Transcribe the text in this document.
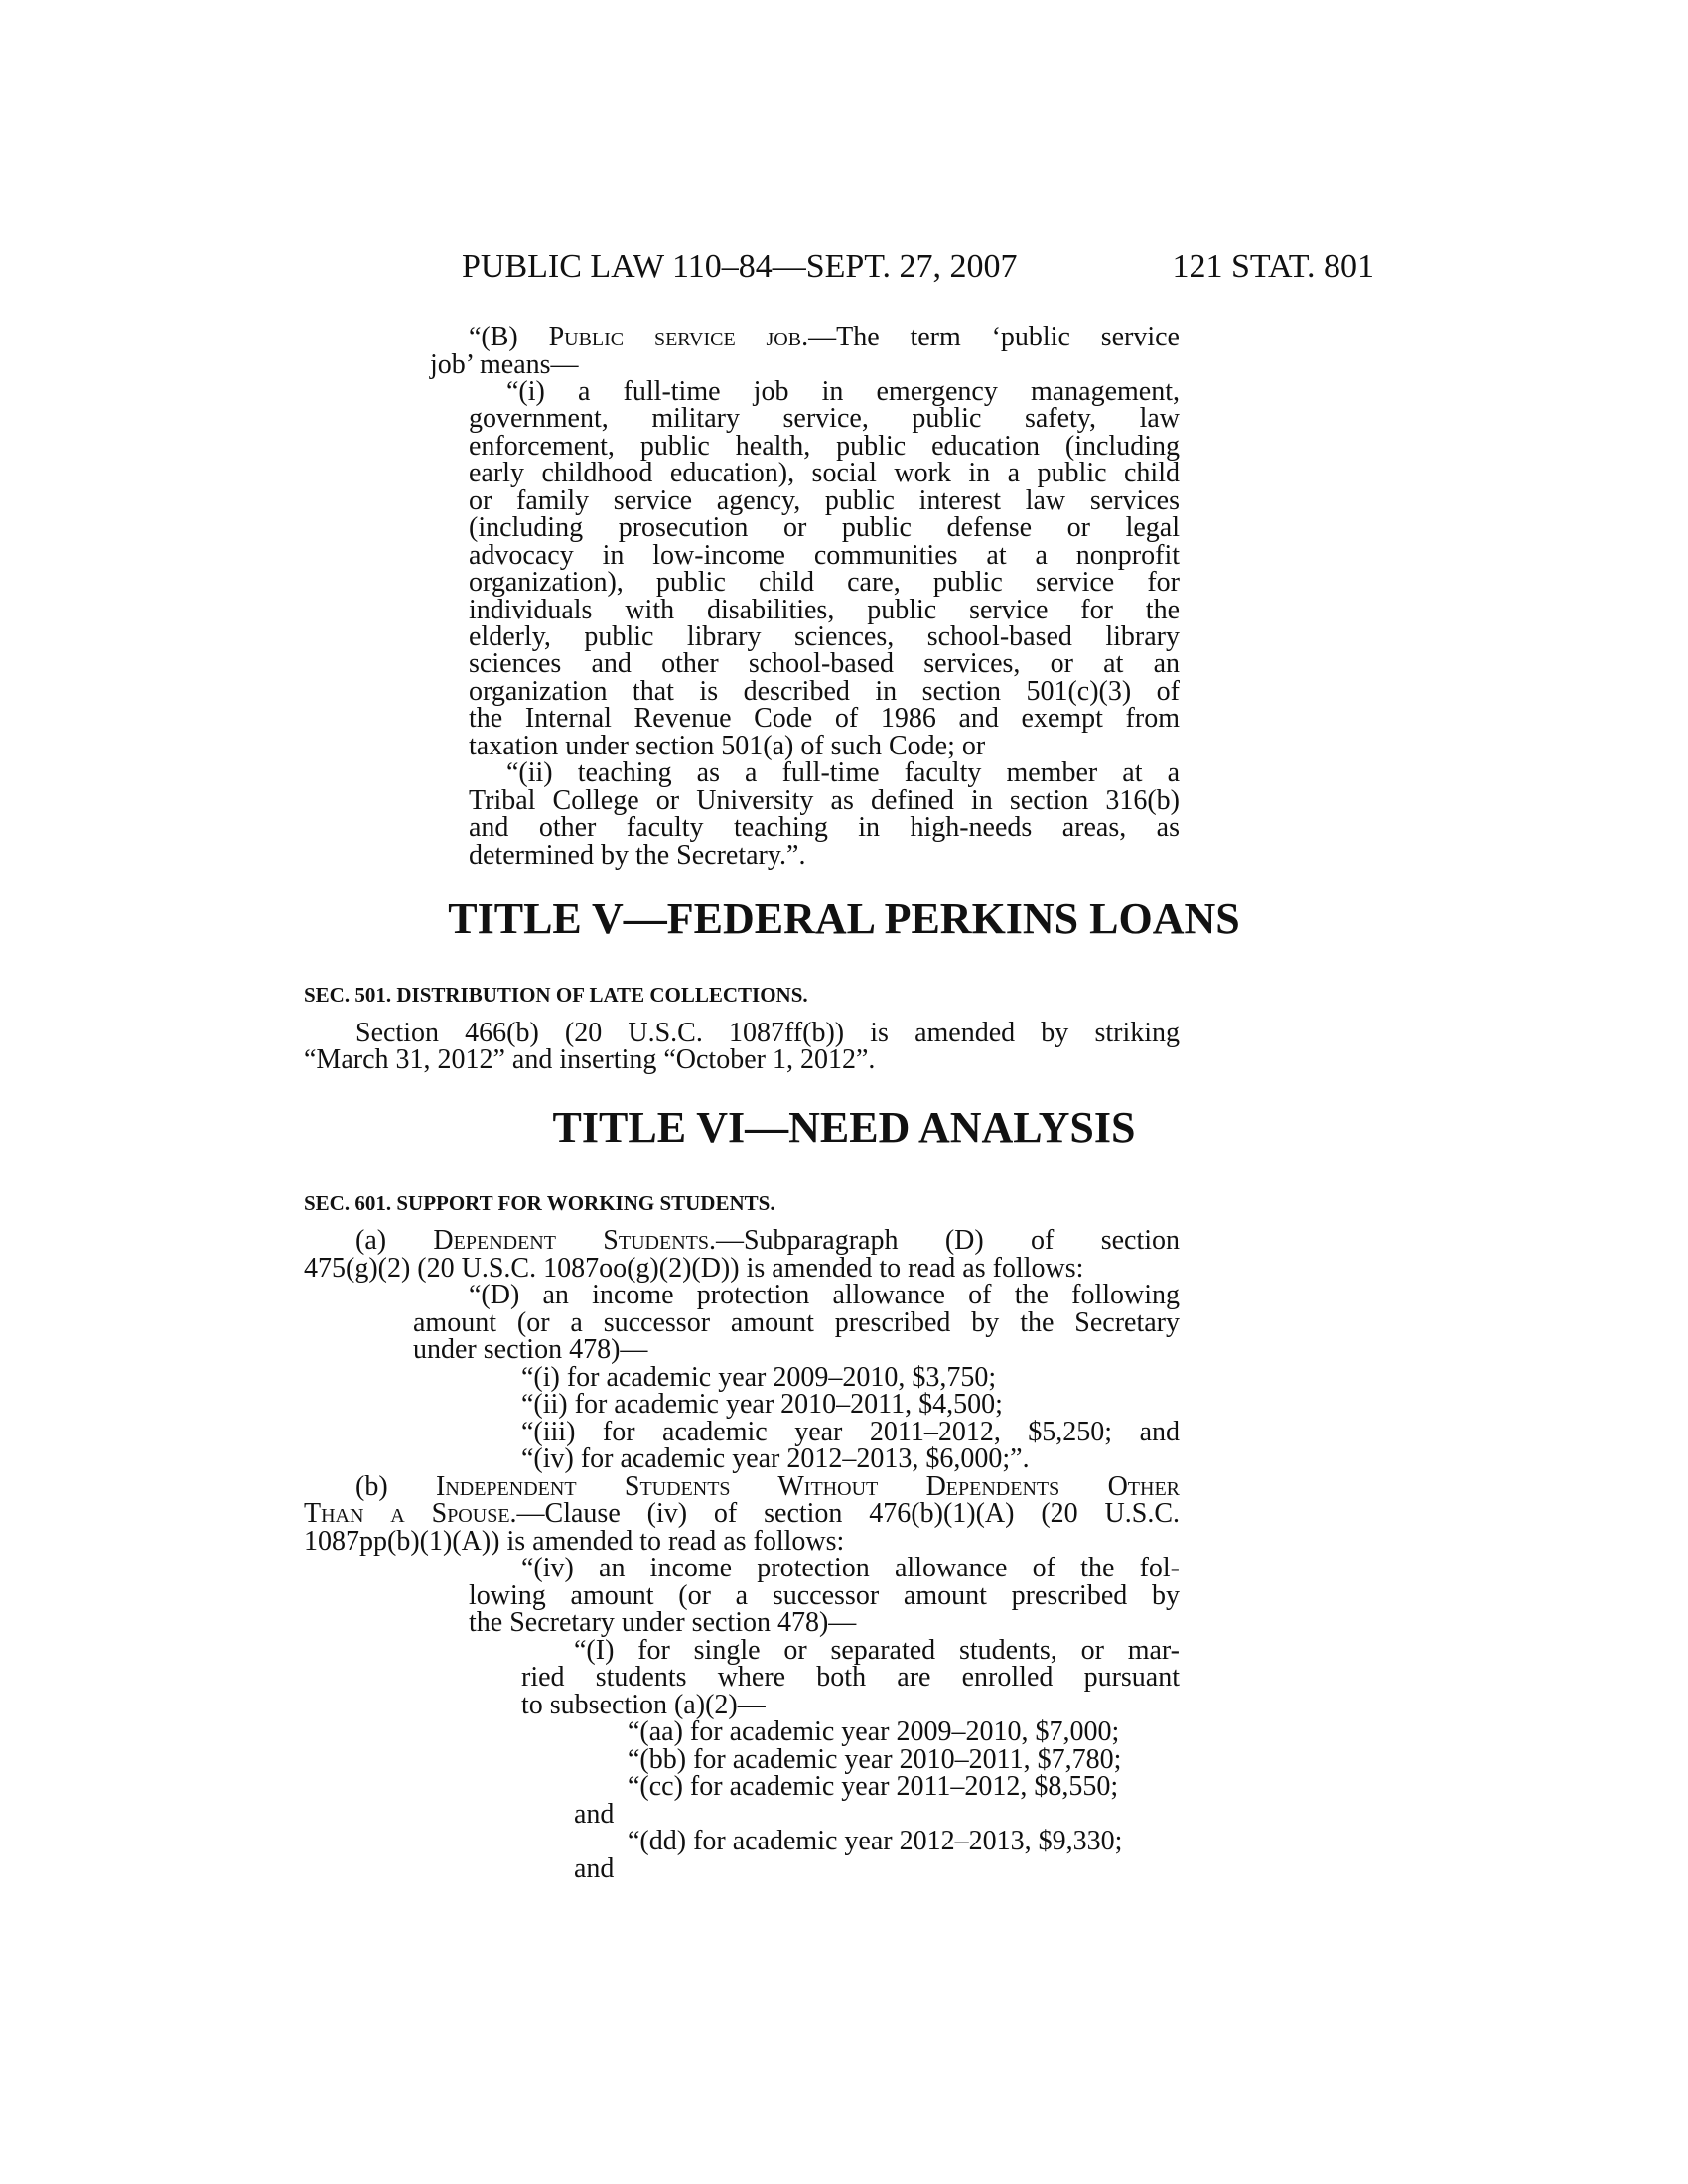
PUBLIC LAW 110–84—SEPT. 27, 2007	121 STAT. 801
“(B) Public service job.—The term ‘public service
job’ means—
“(i) a full-time job in emergency management,
government, military service, public safety, law
enforcement, public health, public education (including
early childhood education), social work in a public child
or family service agency, public interest law services
(including prosecution or public defense or legal
advocacy in low-income communities at a nonprofit
organization), public child care, public service for
individuals with disabilities, public service for the
elderly, public library sciences, school-based library
sciences and other school-based services, or at an
organization that is described in section 501(c)(3) of
the Internal Revenue Code of 1986 and exempt from
taxation under section 501(a) of such Code; or
“(ii) teaching as a full-time faculty member at a
Tribal College or University as defined in section 316(b)
and other faculty teaching in high-needs areas, as
determined by the Secretary.”.
TITLE V—FEDERAL PERKINS LOANS
SEC. 501. DISTRIBUTION OF LATE COLLECTIONS.
Section 466(b) (20 U.S.C. 1087ff(b)) is amended by striking
“March 31, 2012” and inserting “October 1, 2012”.
TITLE VI—NEED ANALYSIS
SEC. 601. SUPPORT FOR WORKING STUDENTS.
(a) Dependent Students.—Subparagraph (D) of section
475(g)(2) (20 U.S.C. 1087oo(g)(2)(D)) is amended to read as follows:
“(D) an income protection allowance of the following
amount (or a successor amount prescribed by the Secretary
under section 478)—
“(i) for academic year 2009–2010, $3,750;
“(ii) for academic year 2010–2011, $4,500;
“(iii) for academic year 2011–2012, $5,250; and
“(iv) for academic year 2012–2013, $6,000;”.
(b) Independent Students Without Dependents Other
Than a Spouse.—Clause (iv) of section 476(b)(1)(A) (20 U.S.C.
1087pp(b)(1)(A)) is amended to read as follows:
“(iv) an income protection allowance of the fol-
lowing amount (or a successor amount prescribed by
the Secretary under section 478)—
“(I) for single or separated students, or mar-
ried students where both are enrolled pursuant
to subsection (a)(2)—
“(aa) for academic year 2009–2010, $7,000;
“(bb) for academic year 2010–2011, $7,780;
“(cc) for academic year 2011–2012, $8,550;
and
“(dd) for academic year 2012–2013, $9,330;
and
